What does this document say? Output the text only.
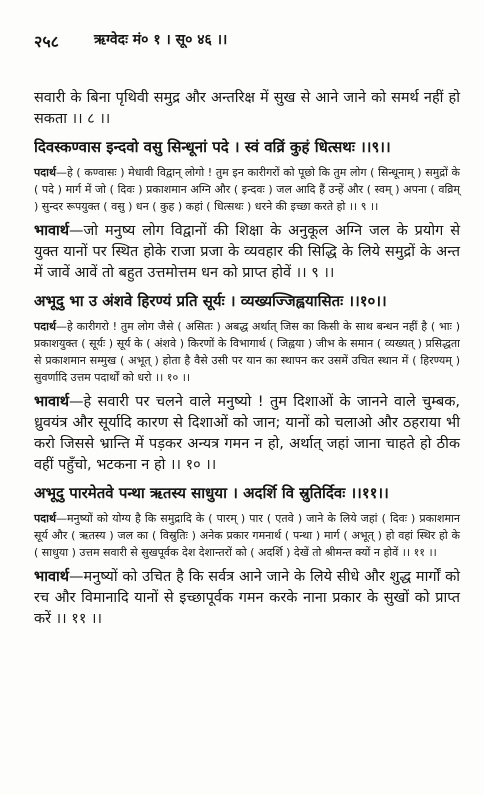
२५८	ऋग्वेदः मं० १ । सू० ४६ ।।

सवारी के बिना पृथिवी समुद्र और अन्तरिक्ष में सुख से आने जाने को समर्थ नहीं हो सकता ।। ८ ।।

दिवस्कण्वास इन्दवो वसु सिन्धूनां पदे । स्वं वव्रिं कुहं धित्सथः ।।९।।

पदार्थ—हे ( कण्वासः ) मेधावी विद्वान् लोगो ! तुम इन कारीगरों को पूछो कि तुम लोग ( सिन्धूनाम् ) समुद्रों के ( पदे ) मार्ग में जो ( दिवः ) प्रकाशमान अग्नि और ( इन्दवः ) जल आदि हैं उन्हें और ( स्वम् ) अपना ( वव्रिम् ) सुन्दर रूपयुक्त ( वसु ) धन ( कुह ) कहां ( धित्सथः ) धरने की इच्छा करते हो ।। ९ ।।

भावार्थ—जो मनुष्य लोग विद्वानों की शिक्षा के अनुकूल अग्नि जल के प्रयोग से युक्त यानों पर स्थित होके राजा प्रजा के व्यवहार की सिद्धि के लिये समुद्रों के अन्त में जावें आवें तो बहुत उत्तमोत्तम धन को प्राप्त होवें ।। ९ ।।

अभूदु भा उ अंशवे हिरण्यं प्रति सूर्यः । व्यख्यज्जिह्वयासितः ।।१०।।

पदार्थ—हे कारीगरो ! तुम लोग जैसे ( असितः ) अबद्ध अर्थात् जिस का किसी के साथ बन्धन नहीं है ( भाः ) प्रकाशयुक्त ( सूर्यः ) सूर्य के ( अंशवे ) किरणों के विभागार्थ ( जिह्वया ) जीभ के समान ( व्यख्यत् ) प्रसिद्धता से प्रकाशमान सम्मुख ( अभूत् ) होता है वैसे उसी पर यान का स्थापन कर उसमें उचित स्थान में ( हिरण्यम् ) सुवर्णादि उत्तम पदार्थों को धरो ।। १० ।।

भावार्थ—हे सवारी पर चलने वाले मनुष्यो ! तुम दिशाओं के जानने वाले चुम्बक, ध्रुवयंत्र और सूर्यादि कारण से दिशाओं को जान; यानों को चलाओ और ठहराया भी करो जिससे भ्रान्ति में पड़कर अन्यत्र गमन न हो, अर्थात् जहां जाना चाहते हो ठीक वहीं पहुँचो, भटकना न हो ।। १० ।।

अभूदु पारमेतवे पन्था ऋतस्य साधुया । अदर्शि वि स्रुतिर्दिवः ।।११।।

पदार्थ—मनुष्यों को योग्य है कि समुद्रादि के ( पारम् ) पार ( एतवे ) जाने के लिये जहां ( दिवः ) प्रकाशमान सूर्य और ( ऋतस्य ) जल का ( विस्रुतिः ) अनेक प्रकार गमनार्थ ( पन्था ) मार्ग ( अभूत् ) हो वहां स्थिर हो के ( साधुया ) उत्तम सवारी से सुखपूर्वक देश देशान्तरों को ( अदर्शि ) देखें तो श्रीमन्त क्यों न होवें ।। ११ ।।

भावार्थ—मनुष्यों को उचित है कि सर्वत्र आने जाने के लिये सीधे और शुद्ध मार्गों को रच और विमानादि यानों से इच्छापूर्वक गमन करके नाना प्रकार के सुखों को प्राप्त करें ।। ११ ।।
